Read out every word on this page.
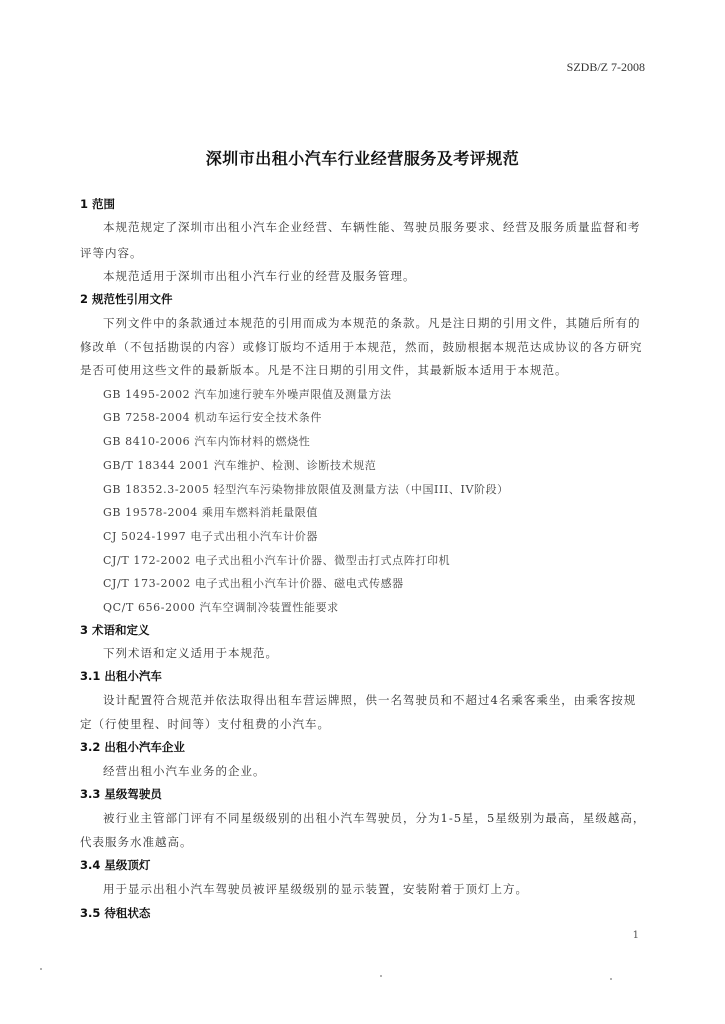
SZDB/Z 7-2008
深圳市出租小汽车行业经营服务及考评规范
1 范围
本规范规定了深圳市出租小汽车企业经营、车辆性能、驾驶员服务要求、经营及服务质量监督和考
评等内容。
本规范适用于深圳市出租小汽车行业的经营及服务管理。
2 规范性引用文件
下列文件中的条款通过本规范的引用而成为本规范的条款。凡是注日期的引用文件，其随后所有的
修改单（不包括勘误的内容）或修订版均不适用于本规范，然而，鼓励根据本规范达成协议的各方研究
是否可使用这些文件的最新版本。凡是不注日期的引用文件，其最新版本适用于本规范。
GB 1495-2002 汽车加速行驶车外噪声限值及测量方法
GB 7258-2004 机动车运行安全技术条件
GB 8410-2006 汽车内饰材料的燃烧性
GB/T 18344 2001 汽车维护、检测、诊断技术规范
GB 18352.3-2005 轻型汽车污染物排放限值及测量方法（中国III、IV阶段）
GB 19578-2004 乘用车燃料消耗量限值
CJ 5024-1997 电子式出租小汽车计价器
CJ/T 172-2002 电子式出租小汽车计价器、微型击打式点阵打印机
CJ/T 173-2002 电子式出租小汽车计价器、磁电式传感器
QC/T 656-2000 汽车空调制冷装置性能要求
3 术语和定义
下列术语和定义适用于本规范。
3.1 出租小汽车
设计配置符合规范并依法取得出租车营运牌照，供一名驾驶员和不超过4名乘客乘坐，由乘客按规
定（行使里程、时间等）支付租费的小汽车。
3.2 出租小汽车企业
经营出租小汽车业务的企业。
3.3 星级驾驶员
被行业主管部门评有不同星级级别的出租小汽车驾驶员，分为1-5星，5星级别为最高，星级越高，
代表服务水准越高。
3.4 星级顶灯
用于显示出租小汽车驾驶员被评星级级别的显示装置，安装附着于顶灯上方。
3.5 待租状态
1
